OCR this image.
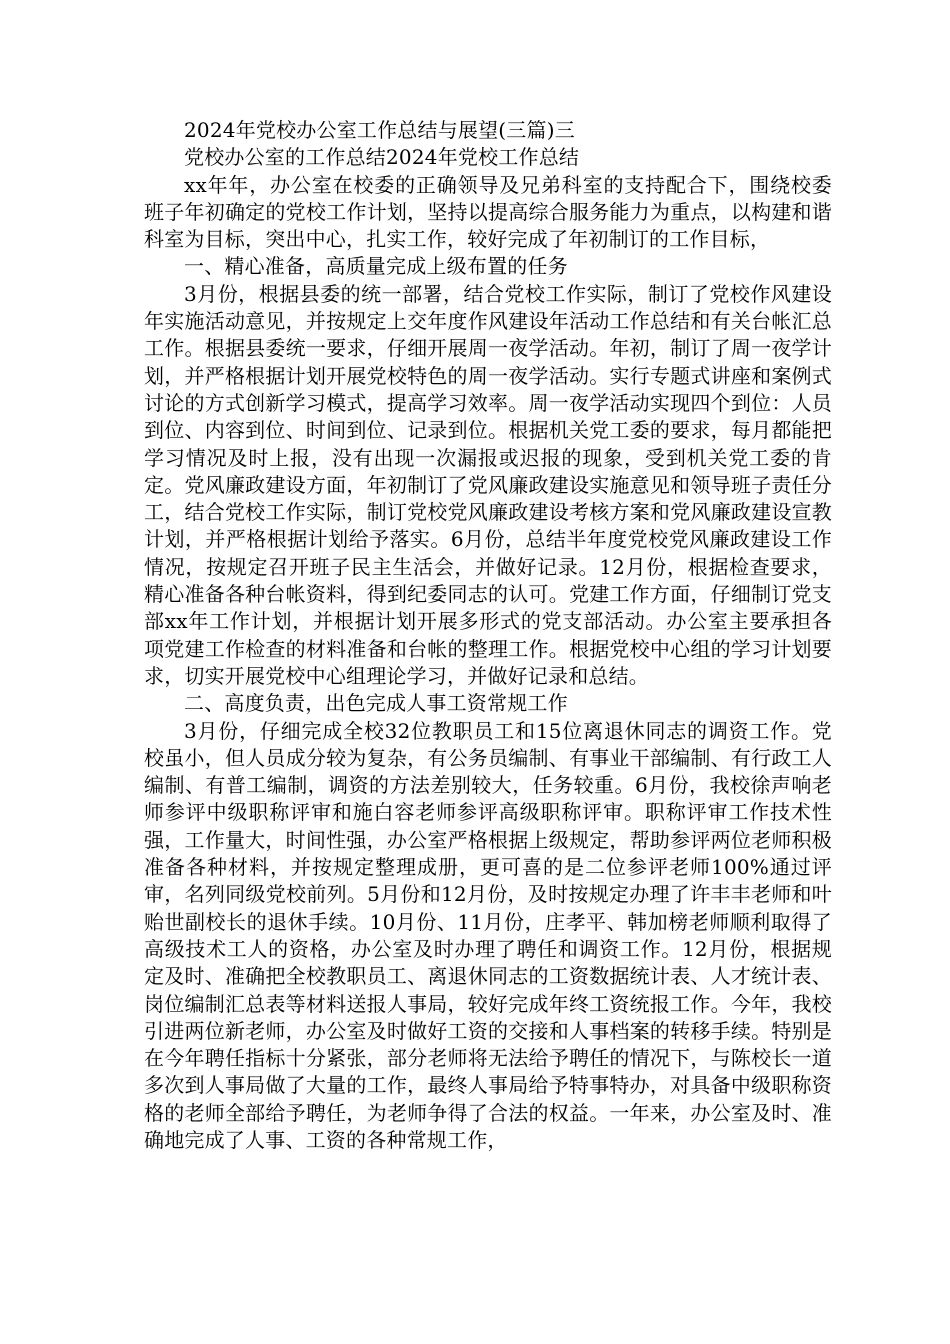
2024年党校办公室工作总结与展望(三篇)三

党校办公室的工作总结2024年党校工作总结

xx年年，办公室在校委的正确领导及兄弟科室的支持配合下，围绕校委班子年初确定的党校工作计划，坚持以提高综合服务能力为重点，以构建和谐科室为目标，突出中心，扎实工作，较好完成了年初制订的工作目标，

一、精心准备，高质量完成上级布置的任务

3月份，根据县委的统一部署，结合党校工作实际，制订了党校作风建设年实施活动意见，并按规定上交年度作风建设年活动工作总结和有关台帐汇总工作。根据县委统一要求，仔细开展周一夜学活动。年初，制订了周一夜学计划，并严格根据计划开展党校特色的周一夜学活动。实行专题式讲座和案例式讨论的方式创新学习模式，提高学习效率。周一夜学活动实现四个到位：人员到位、内容到位、时间到位、记录到位。根据机关党工委的要求，每月都能把学习情况及时上报，没有出现一次漏报或迟报的现象，受到机关党工委的肯定。党风廉政建设方面，年初制订了党风廉政建设实施意见和领导班子责任分工，结合党校工作实际，制订党校党风廉政建设考核方案和党风廉政建设宣教计划，并严格根据计划给予落实。6月份，总结半年度党校党风廉政建设工作情况，按规定召开班子民主生活会，并做好记录。12月份，根据检查要求，精心准备各种台帐资料，得到纪委同志的认可。党建工作方面，仔细制订党支部xx年工作计划，并根据计划开展多形式的党支部活动。办公室主要承担各项党建工作检查的材料准备和台帐的整理工作。根据党校中心组的学习计划要求，切实开展党校中心组理论学习，并做好记录和总结。

二、高度负责，出色完成人事工资常规工作

3月份，仔细完成全校32位教职员工和15位离退休同志的调资工作。党校虽小，但人员成分较为复杂，有公务员编制、有事业干部编制、有行政工人编制、有普工编制，调资的方法差别较大，任务较重。6月份，我校徐声响老师参评中级职称评审和施白容老师参评高级职称评审。职称评审工作技术性强，工作量大，时间性强，办公室严格根据上级规定，帮助参评两位老师积极准备各种材料，并按规定整理成册，更可喜的是二位参评老师100%通过评审，名列同级党校前列。5月份和12月份，及时按规定办理了许丰丰老师和叶贻世副校长的退休手续。10月份、11月份，庄孝平、韩加榜老师顺利取得了高级技术工人的资格，办公室及时办理了聘任和调资工作。12月份，根据规定及时、准确把全校教职员工、离退休同志的工资数据统计表、人才统计表、岗位编制汇总表等材料送报人事局，较好完成年终工资统报工作。今年，我校引进两位新老师，办公室及时做好工资的交接和人事档案的转移手续。特别是在今年聘任指标十分紧张，部分老师将无法给予聘任的情况下，与陈校长一道多次到人事局做了大量的工作，最终人事局给予特事特办，对具备中级职称资格的老师全部给予聘任，为老师争得了合法的权益。一年来，办公室及时、准确地完成了人事、工资的各种常规工作，
